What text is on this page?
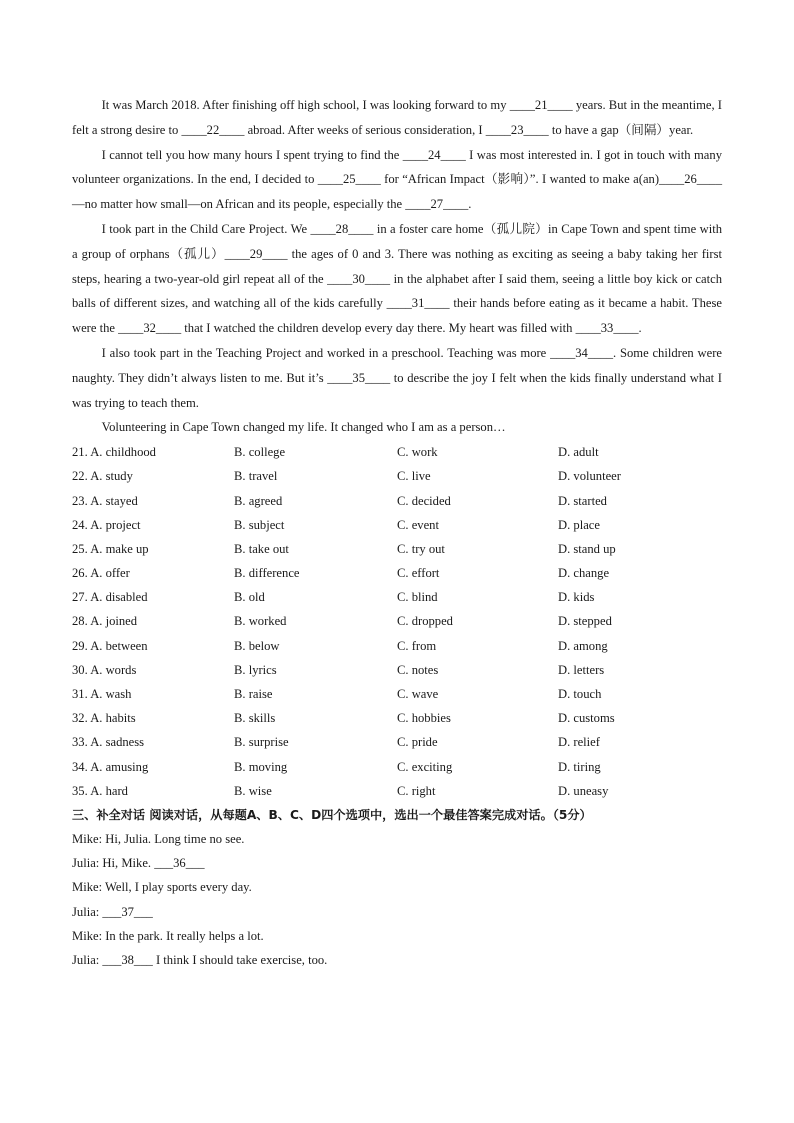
It was March 2018. After finishing off high school, I was looking forward to my ____21____ years. But in the meantime, I felt a strong desire to ____22____ abroad. After weeks of serious consideration, I ____23____ to have a gap（间隔）year.

I cannot tell you how many hours I spent trying to find the ____24____ I was most interested in. I got in touch with many volunteer organizations. In the end, I decided to ____25____ for “African Impact（影响）”. I wanted to make a(an)____26____—no matter how small—on African and its people, especially the ____27____.

I took part in the Child Care Project. We ____28____ in a foster care home（孤儿院）in Cape Town and spent time with a group of orphans（孤儿）____29____ the ages of 0 and 3. There was nothing as exciting as seeing a baby taking her first steps, hearing a two-year-old girl repeat all of the ____30____ in the alphabet after I said them, seeing a little boy kick or catch balls of different sizes, and watching all of the kids carefully ____31____ their hands before eating as it became a habit. These were the ____32____ that I watched the children develop every day there. My heart was filled with ____33____.

I also took part in the Teaching Project and worked in a preschool. Teaching was more ____34____. Some children were naughty. They didn’t always listen to me. But it’s ____35____ to describe the joy I felt when the kids finally understand what I was trying to teach them.

Volunteering in Cape Town changed my life. It changed who I am as a person…

21. A. childhood	B. college	C. work	D. adult
22. A. study	B. travel	C. live	D. volunteer
23. A. stayed	B. agreed	C. decided	D. started
24. A. project	B. subject	C. event	D. place
25. A. make up	B. take out	C. try out	D. stand up
26. A. offer	B. difference	C. effort	D. change
27. A. disabled	B. old	C. blind	D. kids
28. A. joined	B. worked	C. dropped	D. stepped
29. A. between	B. below	C. from	D. among
30. A. words	B. lyrics	C. notes	D. letters
31. A. wash	B. raise	C. wave	D. touch
32. A. habits	B. skills	C. hobbies	D. customs
33. A. sadness	B. surprise	C. pride	D. relief
34. A. amusing	B. moving	C. exciting	D. tiring
35. A. hard	B. wise	C. right	D. uneasy

三、补全对话 阅读对话，从每题A、B、C、D四个选项中，选出一个最佳答案完成对话。（5分）

Mike: Hi, Julia. Long time no see.

Julia: Hi, Mike. ___36___

Mike: Well, I play sports every day.

Julia: ___37___

Mike: In the park. It really helps a lot.

Julia: ___38___ I think I should take exercise, too.
